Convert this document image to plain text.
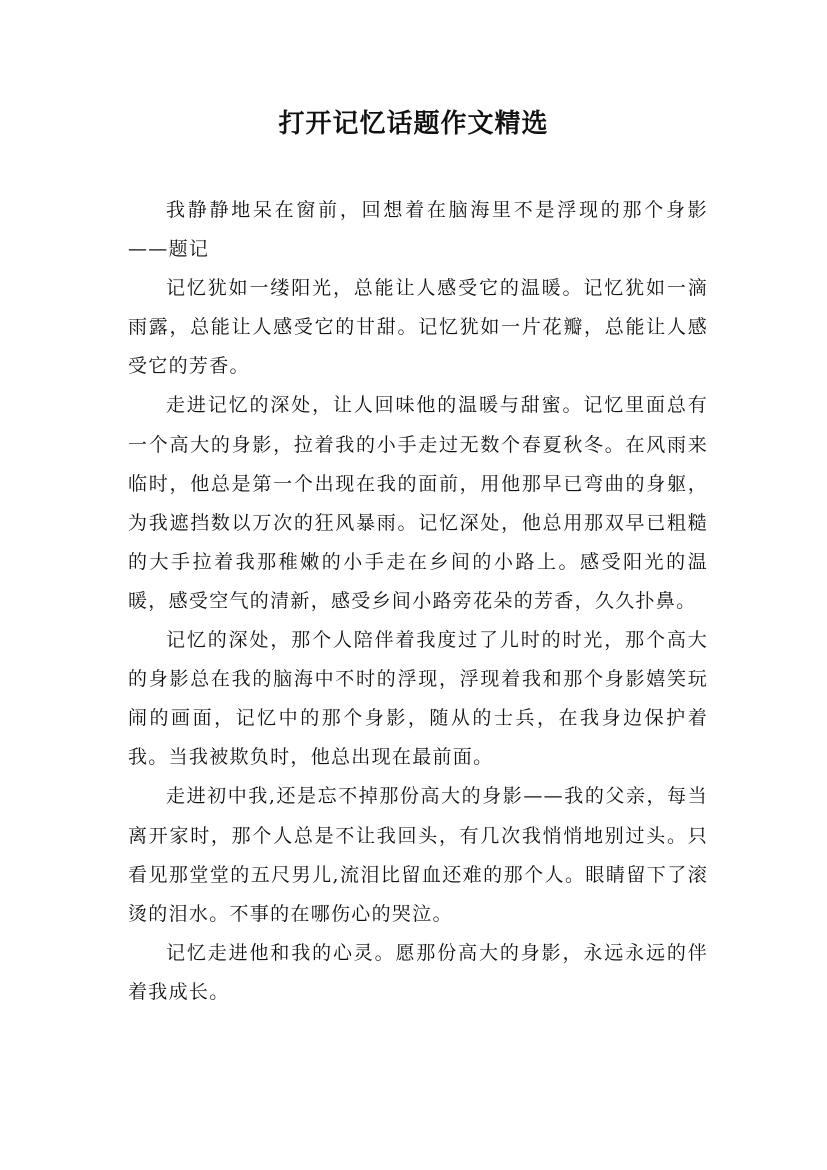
打开记忆话题作文精选

我静静地呆在窗前，回想着在脑海里不是浮现的那个身影——题记

记忆犹如一缕阳光，总能让人感受它的温暖。记忆犹如一滴雨露，总能让人感受它的甘甜。记忆犹如一片花瓣，总能让人感受它的芳香。

走进记忆的深处，让人回味他的温暖与甜蜜。记忆里面总有一个高大的身影，拉着我的小手走过无数个春夏秋冬。在风雨来临时，他总是第一个出现在我的面前，用他那早已弯曲的身躯，为我遮挡数以万次的狂风暴雨。记忆深处，他总用那双早已粗糙的大手拉着我那稚嫩的小手走在乡间的小路上。感受阳光的温暖，感受空气的清新，感受乡间小路旁花朵的芳香，久久扑鼻。

记忆的深处，那个人陪伴着我度过了儿时的时光，那个高大的身影总在我的脑海中不时的浮现，浮现着我和那个身影嬉笑玩闹的画面，记忆中的那个身影，随从的士兵，在我身边保护着我。当我被欺负时，他总出现在最前面。

走进初中我,还是忘不掉那份高大的身影——我的父亲，每当离开家时，那个人总是不让我回头，有几次我悄悄地别过头。只看见那堂堂的五尺男儿,流泪比留血还难的那个人。眼睛留下了滚烫的泪水。不事的在哪伤心的哭泣。

记忆走进他和我的心灵。愿那份高大的身影，永远永远的伴着我成长。
